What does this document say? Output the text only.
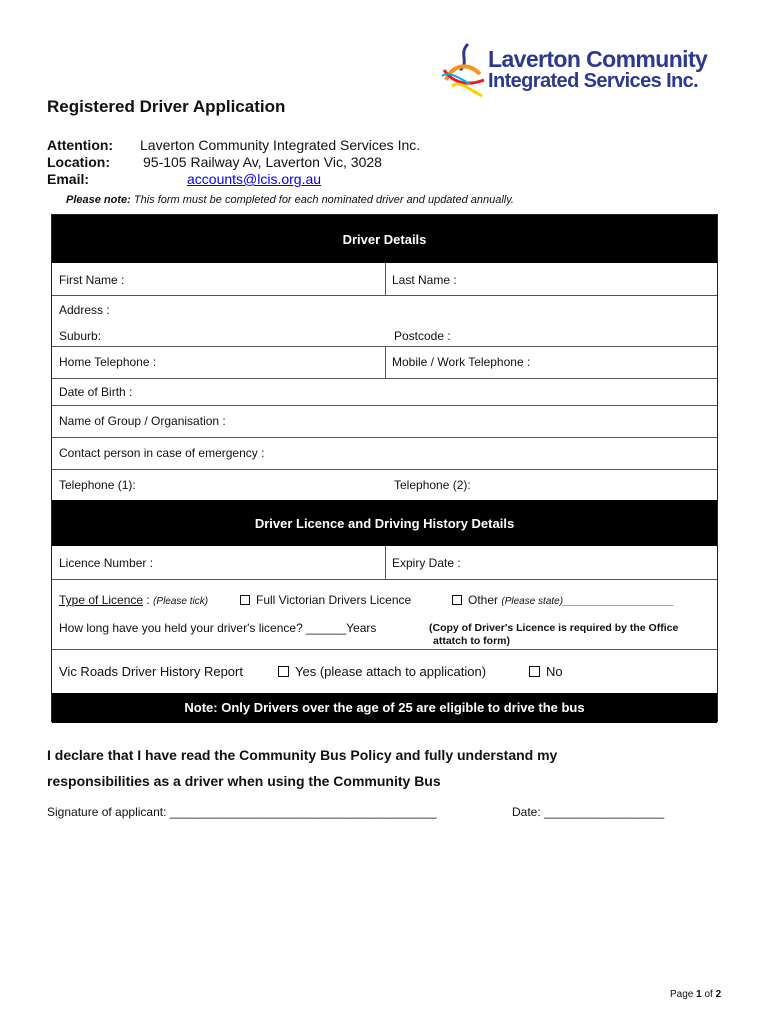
Laverton Community
Integrated Services Inc.
Registered Driver Application
Attention: Laverton Community Integrated Services Inc.
Location: 95-105 Railway Av, Laverton Vic, 3028
Email:	accounts@lcis.org.au
Please note: This form must be completed for each nominated driver and updated annually.
Driver Details
First Name :	Last Name :
Address :
Suburb:	Postcode :
Home Telephone :	Mobile / Work Telephone :
Date of Birth :
Name of Group / Organisation :
Contact person in case of emergency :
Telephone (1):	Telephone (2):
Driver Licence and Driving History Details
Licence Number :	Expiry Date :
Type of Licence : (Please tick)	Full Victorian Drivers Licence	Other (Please state)____________________
How long have you held your driver's licence? ______Years	(Copy of Driver's Licence is required by the Office
attatch to form)
Vic Roads Driver History Report	Yes (please attach to application)	No
Note: Only Drivers over the age of 25 are eligible to drive the bus
I declare that I have read the Community Bus Policy and fully understand my
responsibilities as a driver when using the Community Bus
Signature of applicant: ________________________________________	Date: __________________
Page 1 of 2
